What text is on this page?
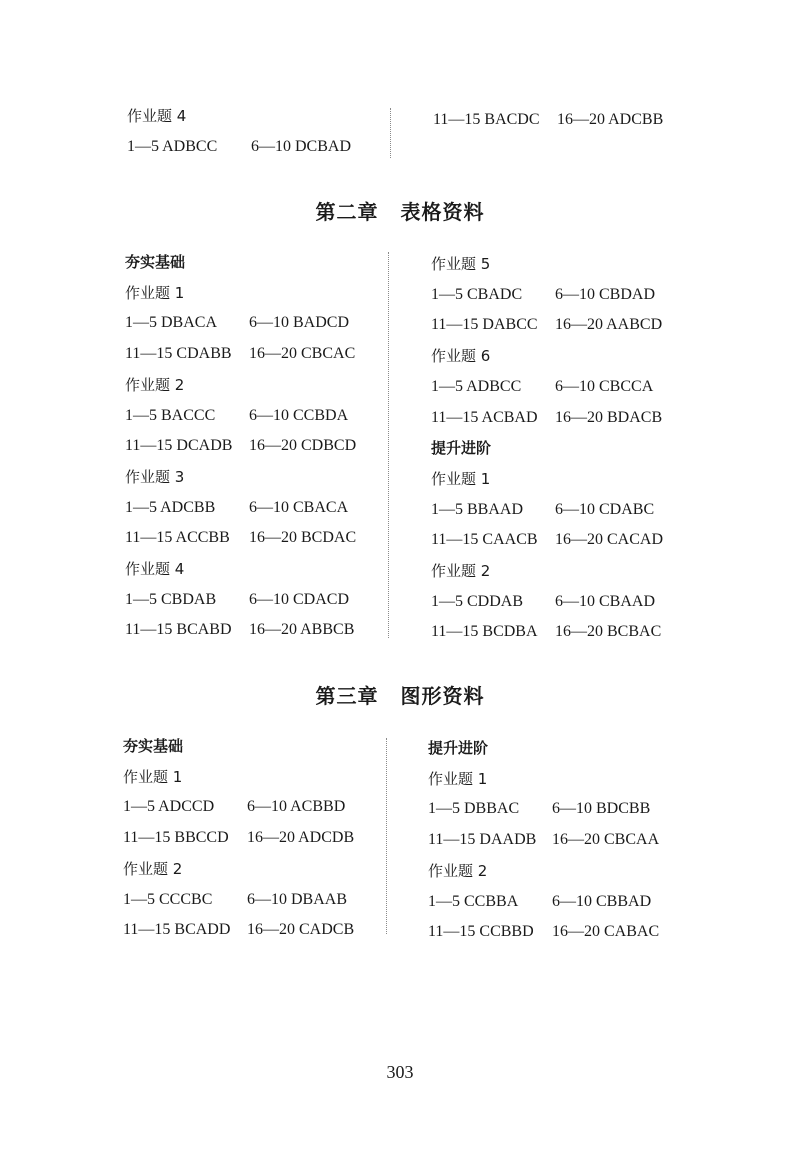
作业题 4
1—5 ADBCC 6—10 DCBAD
11—15 BACDC 16—20 ADCBB
第二章 表格资料
夯实基础
作业题 1
1—5 DBACA 6—10 BADCD
11—15 CDABB 16—20 CBCAC
作业题 2
1—5 BACCC 6—10 CCBDA
11—15 DCADB 16—20 CDBCD
作业题 3
1—5 ADCBB 6—10 CBACA
11—15 ACCBB 16—20 BCDAC
作业题 4
1—5 CBDAB 6—10 CDACD
11—15 BCABD 16—20 ABBCB
作业题 5
1—5 CBADC 6—10 CBDAD
11—15 DABCC 16—20 AABCD
作业题 6
1—5 ADBCC 6—10 CBCCA
11—15 ACBAD 16—20 BDACB
提升进阶
作业题 1
1—5 BBAAD 6—10 CDABC
11—15 CAACB 16—20 CACAD
作业题 2
1—5 CDDAB 6—10 CBAAD
11—15 BCDBA 16—20 BCBAC
第三章 图形资料
夯实基础
作业题 1
1—5 ADCCD 6—10 ACBBD
11—15 BBCCD 16—20 ADCDB
作业题 2
1—5 CCCBC 6—10 DBAAB
11—15 BCADD 16—20 CADCB
提升进阶
作业题 1
1—5 DBBAC 6—10 BDCBB
11—15 DAADB 16—20 CBCAA
作业题 2
1—5 CCBBA 6—10 CBBAD
11—15 CCBBD 16—20 CABAC
303
